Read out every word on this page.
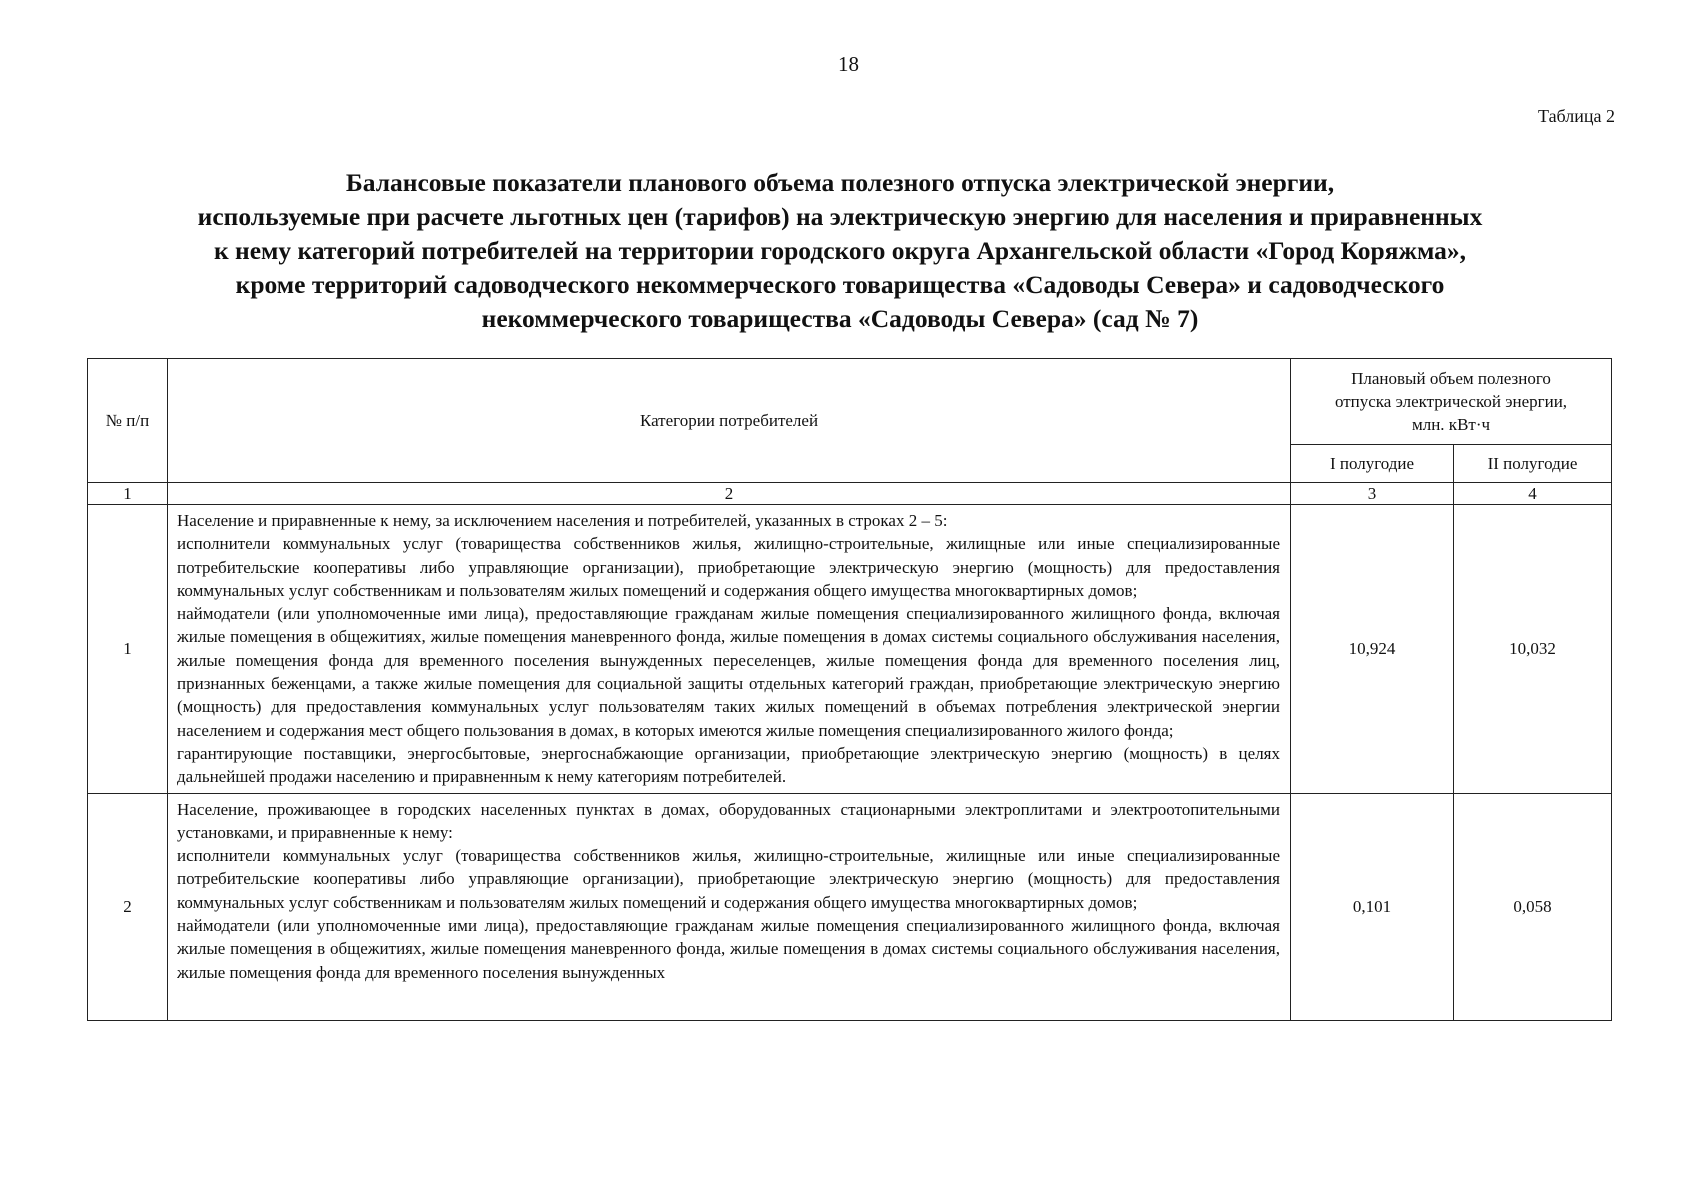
18
Таблица 2
Балансовые показатели планового объема полезного отпуска электрической энергии,
используемые при расчете льготных цен (тарифов) на электрическую энергию для населения и приравненных
к нему категорий потребителей на территории городского округа Архангельской области «Город Коряжма»,
кроме территорий садоводческого некоммерческого товарищества «Садоводы Севера» и садоводческого
некоммерческого товарищества «Садоводы Севера» (сад № 7)
№ п/п	Категории потребителей	Плановый объем полезного отпуска электрической энергии, млн. кВт·ч	
		I полугодие	II полугодие
1	2	3	4
1	Население и приравненные к нему, за исключением населения и потребителей, указанных в строках 2 – 5:
исполнители коммунальных услуг (товарищества собственников жилья, жилищно-строительные, жилищные или иные специализированные потребительские кооперативы либо управляющие организации), приобретающие электрическую энергию (мощность) для предоставления коммунальных услуг собственникам и пользователям жилых помещений и содержания общего имущества многоквартирных домов;
наймодатели (или уполномоченные ими лица), предоставляющие гражданам жилые помещения специализированного жилищного фонда, включая жилые помещения в общежитиях, жилые помещения маневренного фонда, жилые помещения в домах системы социального обслуживания населения, жилые помещения фонда для временного поселения вынужденных переселенцев, жилые помещения фонда для временного поселения лиц, признанных беженцами, а также жилые помещения для социальной защиты отдельных категорий граждан, приобретающие электрическую энергию (мощность) для предоставления коммунальных услуг пользователям таких жилых помещений в объемах потребления электрической энергии населением и содержания мест общего пользования в домах, в которых имеются жилые помещения специализированного жилого фонда;
гарантирующие поставщики, энергосбытовые, энергоснабжающие организации, приобретающие электрическую энергию (мощность) в целях дальнейшей продажи населению и приравненным к нему категориям потребителей.	10,924	10,032
2	Население, проживающее в городских населенных пунктах в домах, оборудованных стационарными электроплитами и электроотопительными установками, и приравненные к нему:
исполнители коммунальных услуг (товарищества собственников жилья, жилищно-строительные, жилищные или иные специализированные потребительские кооперативы либо управляющие организации), приобретающие электрическую энергию (мощность) для предоставления коммунальных услуг собственникам и пользователям жилых помещений и содержания общего имущества многоквартирных домов;
наймодатели (или уполномоченные ими лица), предоставляющие гражданам жилые помещения специализированного жилищного фонда, включая жилые помещения в общежитиях, жилые помещения маневренного фонда, жилые помещения в домах системы социального обслуживания населения, жилые помещения фонда для временного поселения вынужденных	0,101	0,058
